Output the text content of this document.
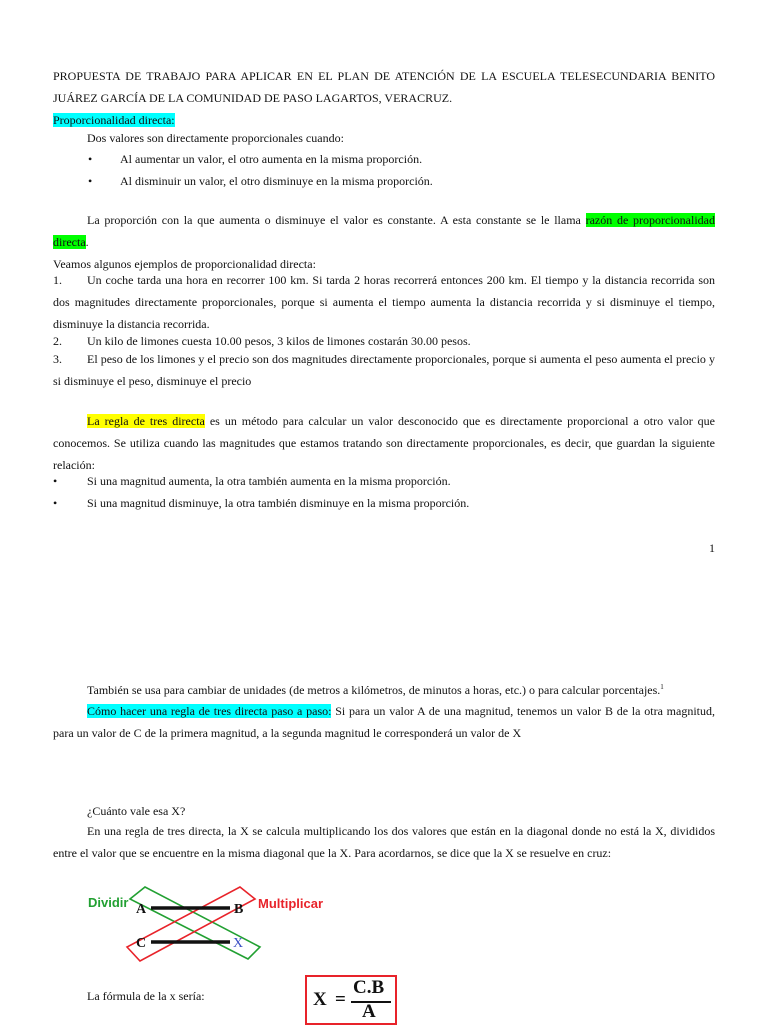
PROPUESTA DE TRABAJO PARA APLICAR EN EL PLAN DE ATENCIÓN DE LA ESCUELA TELESECUNDARIA BENITO

JUÁREZ GARCÍA DE LA COMUNIDAD DE PASO LAGARTOS, VERACRUZ.

Proporcionalidad directa:

Dos valores son directamente proporcionales cuando:

• Al aumentar un valor, el otro aumenta en la misma proporción.

• Al disminuir un valor, el otro disminuye en la misma proporción.

La proporción con la que aumenta o disminuye el valor es constante. A esta constante se le llama razón de proporcionalidad directa.

Veamos algunos ejemplos de proporcionalidad directa:

1. Un coche tarda una hora en recorrer 100 km. Si tarda 2 horas recorrerá entonces 200 km. El tiempo y la distancia recorrida son dos magnitudes directamente proporcionales, porque si aumenta el tiempo aumenta la distancia recorrida y si disminuye el tiempo, disminuye la distancia recorrida.

2. Un kilo de limones cuesta 10.00 pesos, 3 kilos de limones costarán 30.00 pesos.

3. El peso de los limones y el precio son dos magnitudes directamente proporcionales, porque si aumenta el peso aumenta el precio y si disminuye el peso, disminuye el precio

La regla de tres directa es un método para calcular un valor desconocido que es directamente proporcional a otro valor que conocemos. Se utiliza cuando las magnitudes que estamos tratando son directamente proporcionales, es decir, que guardan la siguiente relación:

• Si una magnitud aumenta, la otra también aumenta en la misma proporción.

• Si una magnitud disminuye, la otra también disminuye en la misma proporción.

1

También se usa para cambiar de unidades (de metros a kilómetros, de minutos a horas, etc.) o para calcular porcentajes.$^1$

Cómo hacer una regla de tres directa paso a paso: Si para un valor A de una magnitud, tenemos un valor B de la otra magnitud, para un valor de C de la primera magnitud, a la segunda magnitud le corresponderá un valor de X

¿Cuánto vale esa X?

En una regla de tres directa, la X se calcula multiplicando los dos valores que están en la diagonal donde no está la X, divididos entre el valor que se encuentre en la misma diagonal que la X. Para acordarnos, se dice que la X se resuelve en cruz:

Dividir	Multiplicar
A	B
C	X

La fórmula de la x sería:	X =
C.B
A
